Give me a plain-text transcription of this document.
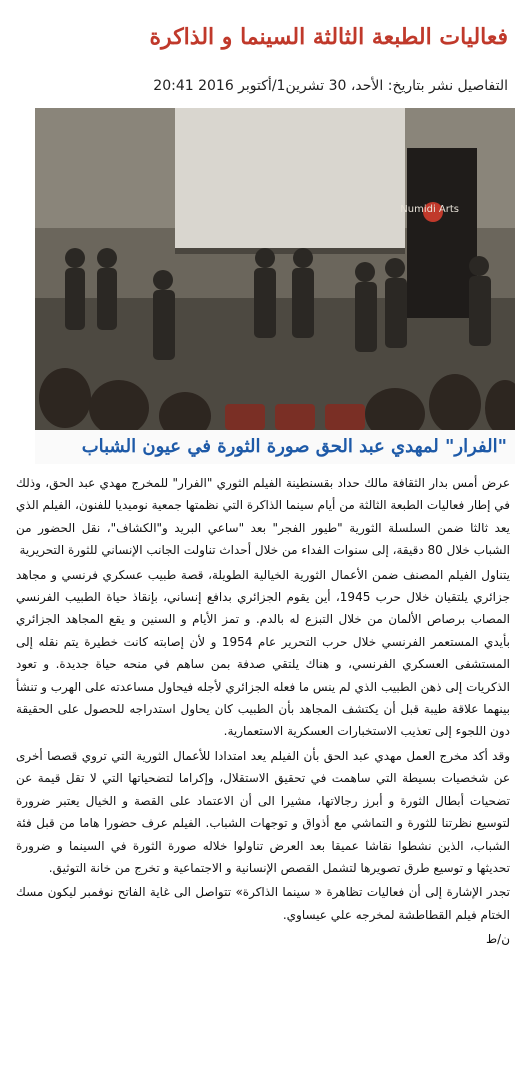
فعاليات الطبعة الثالثة السينما و الذاكرة
التفاصيل نشر بتاريخ: الأحد، 30 تشرين1/أكتوبر 2016 20:41
Numidi Arts
"الفرار" لمهدي عبد الحق صورة الثورة في عيون الشباب

عرض أمس بدار الثقافة مالك حداد بقسنطينة الفيلم الثوري "الفرار" للمخرج مهدي عبد الحق، وذلك في إطار فعاليات الطبعة الثالثة من أيام سينما الذاكرة التي نظمتها جمعية نوميديا للفنون، الفيلم الذي يعد ثالثا ضمن السلسلة الثورية "طيور الفجر" بعد "ساعي البريد و"الكشاف"، نقل الحضور من الشباب خلال 80 دقيقة، إلى سنوات الفداء من خلال أحداث تناولت الجانب الإنساني للثورة التحريرية

يتناول الفيلم المصنف ضمن الأعمال الثورية الخيالية الطويلة، قصة طبيب عسكري فرنسي و مجاهد جزائري يلتقيان خلال حرب 1945، أين يقوم الجزائري بدافع إنساني، بإنقاذ حياة الطبيب الفرنسي المصاب برصاص الألمان من خلال التبزع له بالدم. و تمز الأيام و السنين و يقع المجاهد الجزائري بأيدي المستعمر الفرنسي خلال حرب التحرير عام 1954 و لأن إصابته كانت خطيرة يتم نقله إلى المستشفى العسكري الفرنسي، و هناك يلتقي صدفة بمن ساهم في منحه حياة جديدة. و تعود الذكريات إلى ذهن الطبيب الذي لم ينس ما فعله الجزائري لأجله فيحاول مساعدته على الهرب و تنشأ بينهما علاقة طيبة قبل أن يكتشف المجاهد بأن الطبيب كان يحاول استدراجه للحصول على الحقيقة دون اللجوء إلى تعذيب الاستخبارات العسكرية الاستعمارية.

وقد أكد مخرج العمل مهدي عبد الحق بأن الفيلم يعد امتدادا للأعمال الثورية التي تروي قصصا أخرى عن شخصيات بسيطة التي ساهمت في تحقيق الاستقلال، وإكراما لتضحياتها التي لا تقل قيمة عن تضحيات أبطال الثورة و أبرز رجالاتها، مشيرا الى أن الاعتماد على القصة و الخيال يعتبر ضرورة لتوسيع نظرتنا للثورة و التماشي مع أذواق و توجهات الشباب. الفيلم عرف حضورا هاما من قبل فئة الشباب، الذين نشطوا نقاشا عميقا بعد العرض تناولوا خلاله صورة الثورة في السينما و ضرورة تحديثها و توسيع طرق تصويرها لتشمل القصص الإنسانية و الاجتماعية و تخرج من خانة التوثيق.

تجدر الإشارة إلى أن فعاليات تظاهرة « سينما الذاكرة» تتواصل الى غاية الفاتح نوفمبر ليكون مسك الختام فيلم القطاطشة لمخرجه علي عيساوي.

ن/ط
